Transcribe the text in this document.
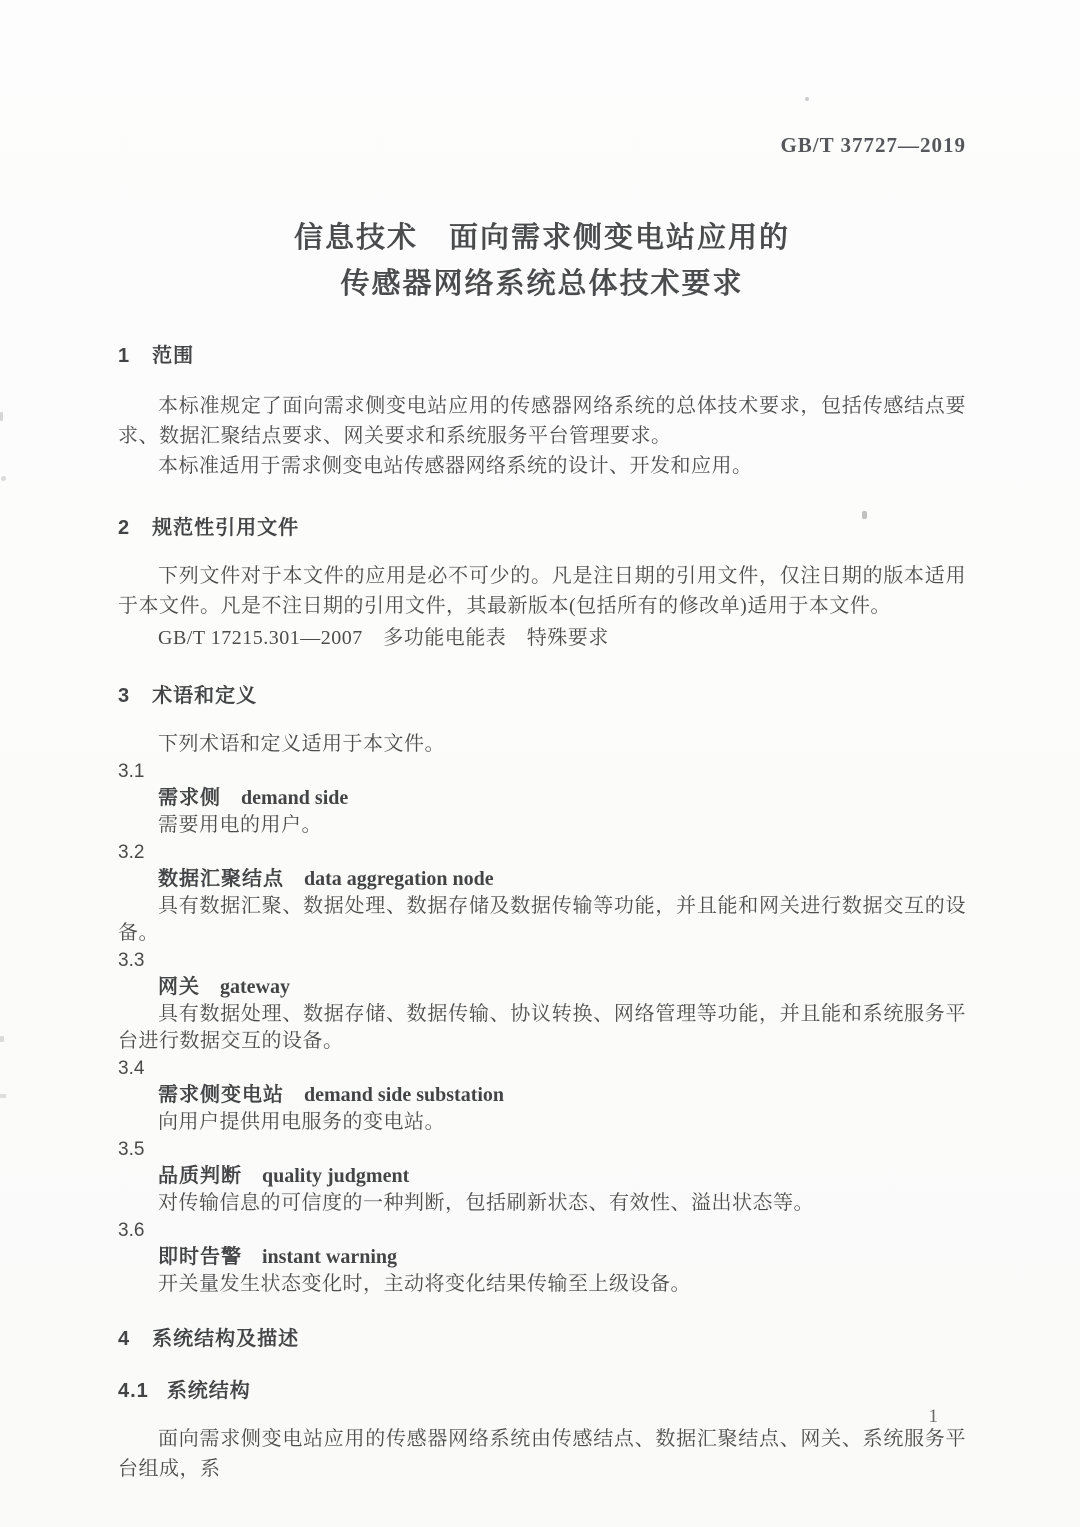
GB/T 37727—2019
信息技术　面向需求侧变电站应用的
传感器网络系统总体技术要求
1 范围

本标准规定了面向需求侧变电站应用的传感器网络系统的总体技术要求，包括传感结点要求、数据汇聚结点要求、网关要求和系统服务平台管理要求。

本标准适用于需求侧变电站传感器网络系统的设计、开发和应用。

2 规范性引用文件

下列文件对于本文件的应用是必不可少的。凡是注日期的引用文件，仅注日期的版本适用于本文件。凡是不注日期的引用文件，其最新版本(包括所有的修改单)适用于本文件。

GB/T 17215.301—2007　多功能电能表　特殊要求

3 术语和定义

下列术语和定义适用于本文件。

3.1

需求侧 demand side

需要用电的用户。

3.2

数据汇聚结点 data aggregation node

具有数据汇聚、数据处理、数据存储及数据传输等功能，并且能和网关进行数据交互的设备。

3.3

网关 gateway

具有数据处理、数据存储、数据传输、协议转换、网络管理等功能，并且能和系统服务平台进行数据交互的设备。

3.4

需求侧变电站 demand side substation

向用户提供用电服务的变电站。

3.5

品质判断 quality judgment

对传输信息的可信度的一种判断，包括刷新状态、有效性、溢出状态等。

3.6

即时告警 instant warning

开关量发生状态变化时，主动将变化结果传输至上级设备。

4 系统结构及描述
4.1 系统结构

面向需求侧变电站应用的传感器网络系统由传感结点、数据汇聚结点、网关、系统服务平台组成，系

1
